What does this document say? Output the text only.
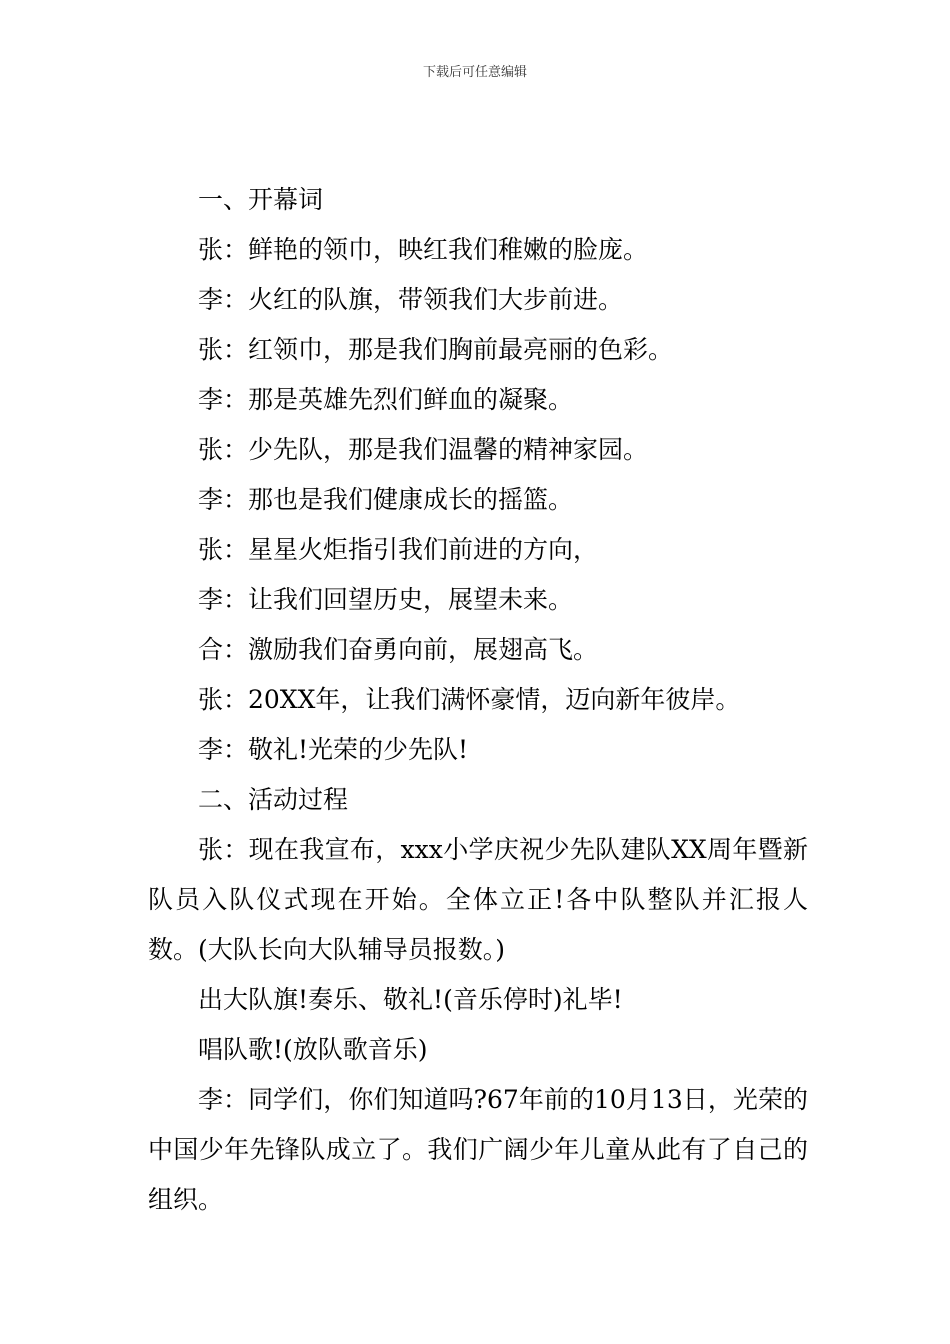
下载后可任意编辑

一、开幕词

张：鲜艳的领巾，映红我们稚嫩的脸庞。

李：火红的队旗，带领我们大步前进。

张：红领巾，那是我们胸前最亮丽的色彩。

李：那是英雄先烈们鲜血的凝聚。

张：少先队，那是我们温馨的精神家园。

李：那也是我们健康成长的摇篮。

张：星星火炬指引我们前进的方向，

李：让我们回望历史，展望未来。

合：激励我们奋勇向前，展翅高飞。

张：20XX年，让我们满怀豪情，迈向新年彼岸。

李：敬礼!光荣的少先队!

二、活动过程

张：现在我宣布，xxx小学庆祝少先队建队XX周年暨新队员入队仪式现在开始。全体立正!各中队整队并汇报人数。(大队长向大队辅导员报数。)

出大队旗!奏乐、敬礼!(音乐停时)礼毕!

唱队歌!(放队歌音乐)

李：同学们，你们知道吗?67年前的10月13日，光荣的中国少年先锋队成立了。我们广阔少年儿童从此有了自己的组织。
